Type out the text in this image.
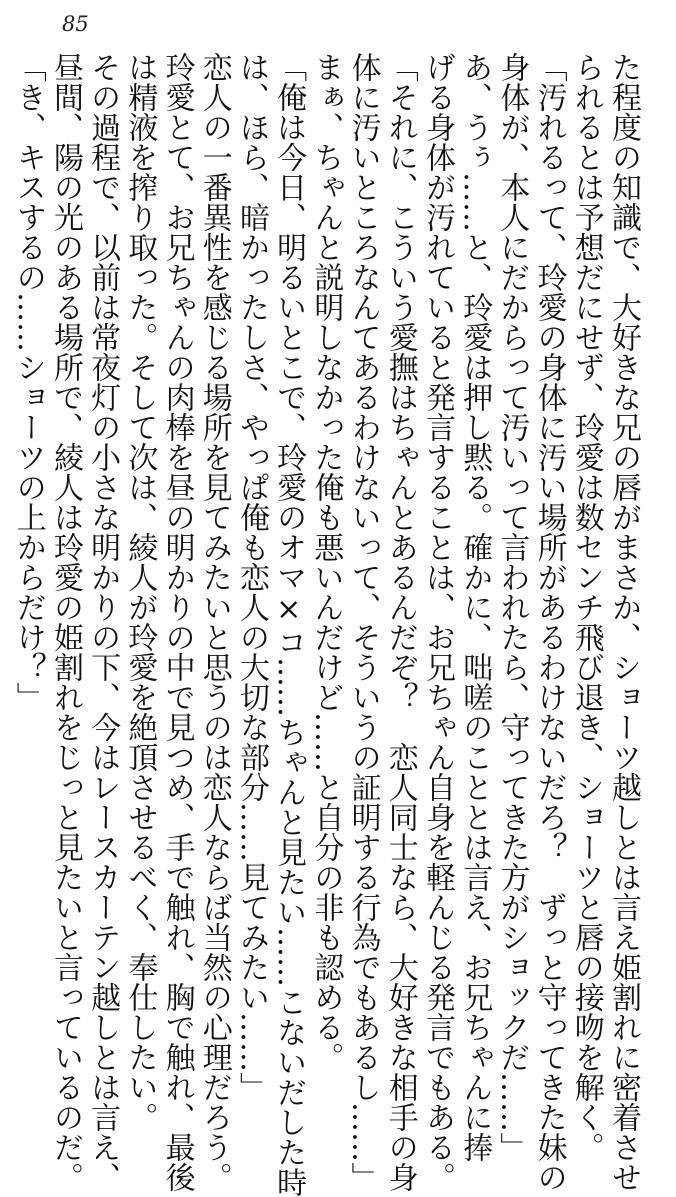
85
た程度の知識で、大好きな兄の唇がまさか、ショーツ越しとは言え姫割れに密着させ
られるとは予想だにせず、玲愛は数センチ飛び退き、ショーツと唇の接吻を解く。
「汚れるって、玲愛の身体に汚い場所があるわけないだろ？　ずっと守ってきた妹の
身体が、本人にだからって汚いって言われたら、守ってきた方がショックだ……」
あ、うぅ……と、玲愛は押し黙る。確かに、咄嗟のこととは言え、お兄ちゃんに捧
げる身体が汚れていると発言することは、お兄ちゃん自身を軽んじる発言でもある。
「それに、こういう愛撫はちゃんとあるんだぞ？　恋人同士なら、大好きな相手の身
体に汚いところなんてあるわけないって、そういうの証明する行為でもあるし……」
まぁ、ちゃんと説明しなかった俺も悪いんだけど……と自分の非も認める。
「俺は今日、明るいとこで、玲愛のオマ×コ……ちゃんと見たい……こないだした時
は、ほら、暗かったしさ、やっぱ俺も恋人の大切な部分……見てみたい……」
恋人の一番異性を感じる場所を見てみたいと思うのは恋人ならば当然の心理だろう。
玲愛とて、お兄ちゃんの肉棒を昼の明かりの中で見つめ、手で触れ、胸で触れ、最後
は精液を搾り取った。そして次は、綾人が玲愛を絶頂させるべく、奉仕したい。
その過程で、以前は常夜灯の小さな明かりの下、今はレースカーテン越しとは言え、
昼間、陽の光のある場所で、綾人は玲愛の姫割れをじっと見たいと言っているのだ。
「き、キスするの……ショーツの上からだけ？」
